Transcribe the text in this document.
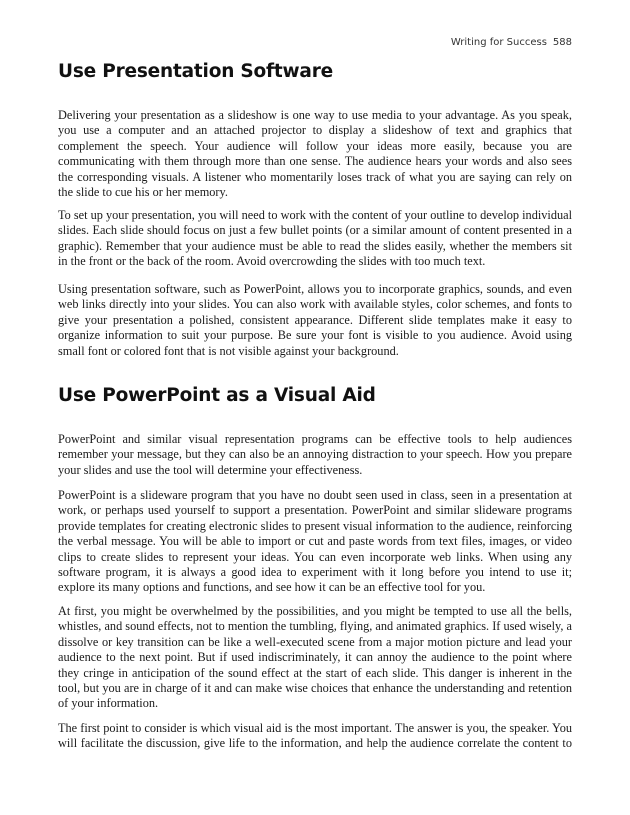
Writing for Success 588
Use Presentation Software

Delivering your presentation as a slideshow is one way to use media to your advantage. As you speak, you use a computer and an attached projector to display a slideshow of text and graphics that complement the speech. Your audience will follow your ideas more easily, because you are communicating with them through more than one sense. The audience hears your words and also sees the corresponding visuals. A listener who momentarily loses track of what you are saying can rely on the slide to cue his or her memory.

To set up your presentation, you will need to work with the content of your outline to develop individual slides. Each slide should focus on just a few bullet points (or a similar amount of content presented in a graphic). Remember that your audience must be able to read the slides easily, whether the members sit in the front or the back of the room. Avoid overcrowding the slides with too much text.

Using presentation software, such as PowerPoint, allows you to incorporate graphics, sounds, and even web links directly into your slides. You can also work with available styles, color schemes, and fonts to give your presentation a polished, consistent appearance. Different slide templates make it easy to organize information to suit your purpose. Be sure your font is visible to you audience. Avoid using small font or colored font that is not visible against your background.

Use PowerPoint as a Visual Aid

PowerPoint and similar visual representation programs can be effective tools to help audiences remember your message, but they can also be an annoying distraction to your speech. How you prepare your slides and use the tool will determine your effectiveness.

PowerPoint is a slideware program that you have no doubt seen used in class, seen in a presentation at work, or perhaps used yourself to support a presentation. PowerPoint and similar slideware programs provide templates for creating electronic slides to present visual information to the audience, reinforcing the verbal message. You will be able to import or cut and paste words from text files, images, or video clips to create slides to represent your ideas. You can even incorporate web links. When using any software program, it is always a good idea to experiment with it long before you intend to use it; explore its many options and functions, and see how it can be an effective tool for you.

At first, you might be overwhelmed by the possibilities, and you might be tempted to use all the bells, whistles, and sound effects, not to mention the tumbling, flying, and animated graphics. If used wisely, a dissolve or key transition can be like a well-executed scene from a major motion picture and lead your audience to the next point. But if used indiscriminately, it can annoy the audience to the point where they cringe in anticipation of the sound effect at the start of each slide. This danger is inherent in the tool, but you are in charge of it and can make wise choices that enhance the understanding and retention of your information.

The first point to consider is which visual aid is the most important. The answer is you, the speaker. You will facilitate the discussion, give life to the information, and help the audience correlate the content to
